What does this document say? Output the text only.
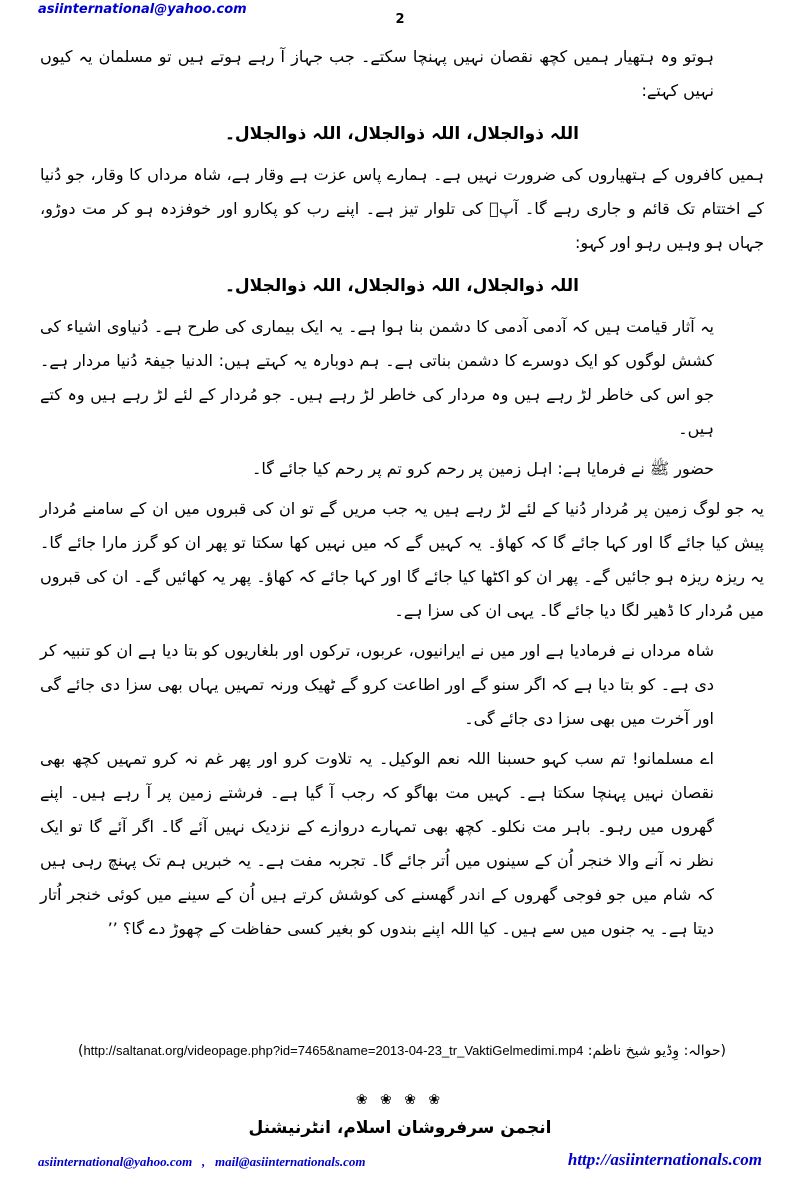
asiinternational@yahoo.com
2

ہوتو وہ ہتھیار ہمیں کچھ نقصان نہیں پہنچا سکتے۔ جب جہاز آ رہے ہوتے ہیں تو مسلمان یہ کیوں نہیں کہتے:

اللہ ذوالجلال، اللہ ذوالجلال، اللہ ذوالجلال۔

ہمیں کافروں کے ہتھیاروں کی ضرورت نہیں ہے۔ ہمارے پاس عزت ہے وقار ہے، شاہ مرداں کا وقار، جو دُنیا کے اختتام تک قائم و جاری رہے گا۔ آپؑ کی تلوار تیز ہے۔ اپنے رب کو پکارو اور خوفزدہ ہو کر مت دوڑو، جہاں ہو وہیں رہو اور کہو:

اللہ ذوالجلال، اللہ ذوالجلال، اللہ ذوالجلال۔

یہ آثار قیامت ہیں کہ آدمی آدمی کا دشمن بنا ہوا ہے۔ یہ ایک بیماری کی طرح ہے۔ دُنیاوی اشیاء کی کشش لوگوں کو ایک دوسرے کا دشمن بناتی ہے۔ ہم دوبارہ یہ کہتے ہیں: الدنیا جیفۃ دُنیا مردار ہے۔ جو اس کی خاطر لڑ رہے ہیں وہ مردار کی خاطر لڑ رہے ہیں۔ جو مُردار کے لئے لڑ رہے ہیں وہ کتے ہیں۔

حضور ﷺ نے فرمایا ہے: اہل زمین پر رحم کرو تم پر رحم کیا جائے گا۔

یہ جو لوگ زمین پر مُردار دُنیا کے لئے لڑ رہے ہیں یہ جب مریں گے تو ان کی قبروں میں ان کے سامنے مُردار پیش کیا جائے گا اور کہا جائے گا کہ کھاؤ۔ یہ کہیں گے کہ میں نہیں کھا سکتا تو پھر ان کو گرز مارا جائے گا۔ یہ ریزہ ریزہ ہو جائیں گے۔ پھر ان کو اکٹھا کیا جائے گا اور کہا جائے کہ کھاؤ۔ پھر یہ کھائیں گے۔ ان کی قبروں میں مُردار کا ڈھیر لگا دیا جائے گا۔ یہی ان کی سزا ہے۔

شاہ مرداں نے فرمادیا ہے اور میں نے ایرانیوں، عربوں، ترکوں اور بلغاریوں کو بتا دیا ہے ان کو تنبیہ کر دی ہے۔ کو بتا دیا ہے کہ اگر سنو گے اور اطاعت کرو گے ٹھیک ورنہ تمہیں یہاں بھی سزا دی جائے گی اور آخرت میں بھی سزا دی جائے گی۔

اے مسلمانو! تم سب کہو حسبنا اللہ نعم الوکیل۔ یہ تلاوت کرو اور پھر غم نہ کرو تمہیں کچھ بھی نقصان نہیں پہنچا سکتا ہے۔ کہیں مت بھاگو کہ رجب آ گیا ہے۔ فرشتے زمین پر آ رہے ہیں۔ اپنے گھروں میں رہو۔ باہر مت نکلو۔ کچھ بھی تمہارے دروازے کے نزدیک نہیں آئے گا۔ اگر آئے گا تو ایک نظر نہ آنے والا خنجر اُن کے سینوں میں اُتر جائے گا۔ تجربہ مفت ہے۔ یہ خبریں ہم تک پہنچ رہی ہیں کہ شام میں جو فوجی گھروں کے اندر گھسنے کی کوشش کرتے ہیں اُن کے سینے میں کوئی خنجر اُتار دیتا ہے۔ یہ جنوں میں سے ہیں۔ کیا اللہ اپنے بندوں کو بغیر کسی حفاظت کے چھوڑ دے گا؟ ’’

(حوالہ: وِڈیو شیخ ناظم: http://saltanat.org/videopage.php?id=7465&name=2013-04-23_tr_VaktiGelmedimi.mp4)
❀ ❀ ❀ ❀
انجمن سرفروشان اسلام، انٹرنیشنل
asiinternational@yahoo.com , mail@asiinternationals.com	http://asiinternationals.com
